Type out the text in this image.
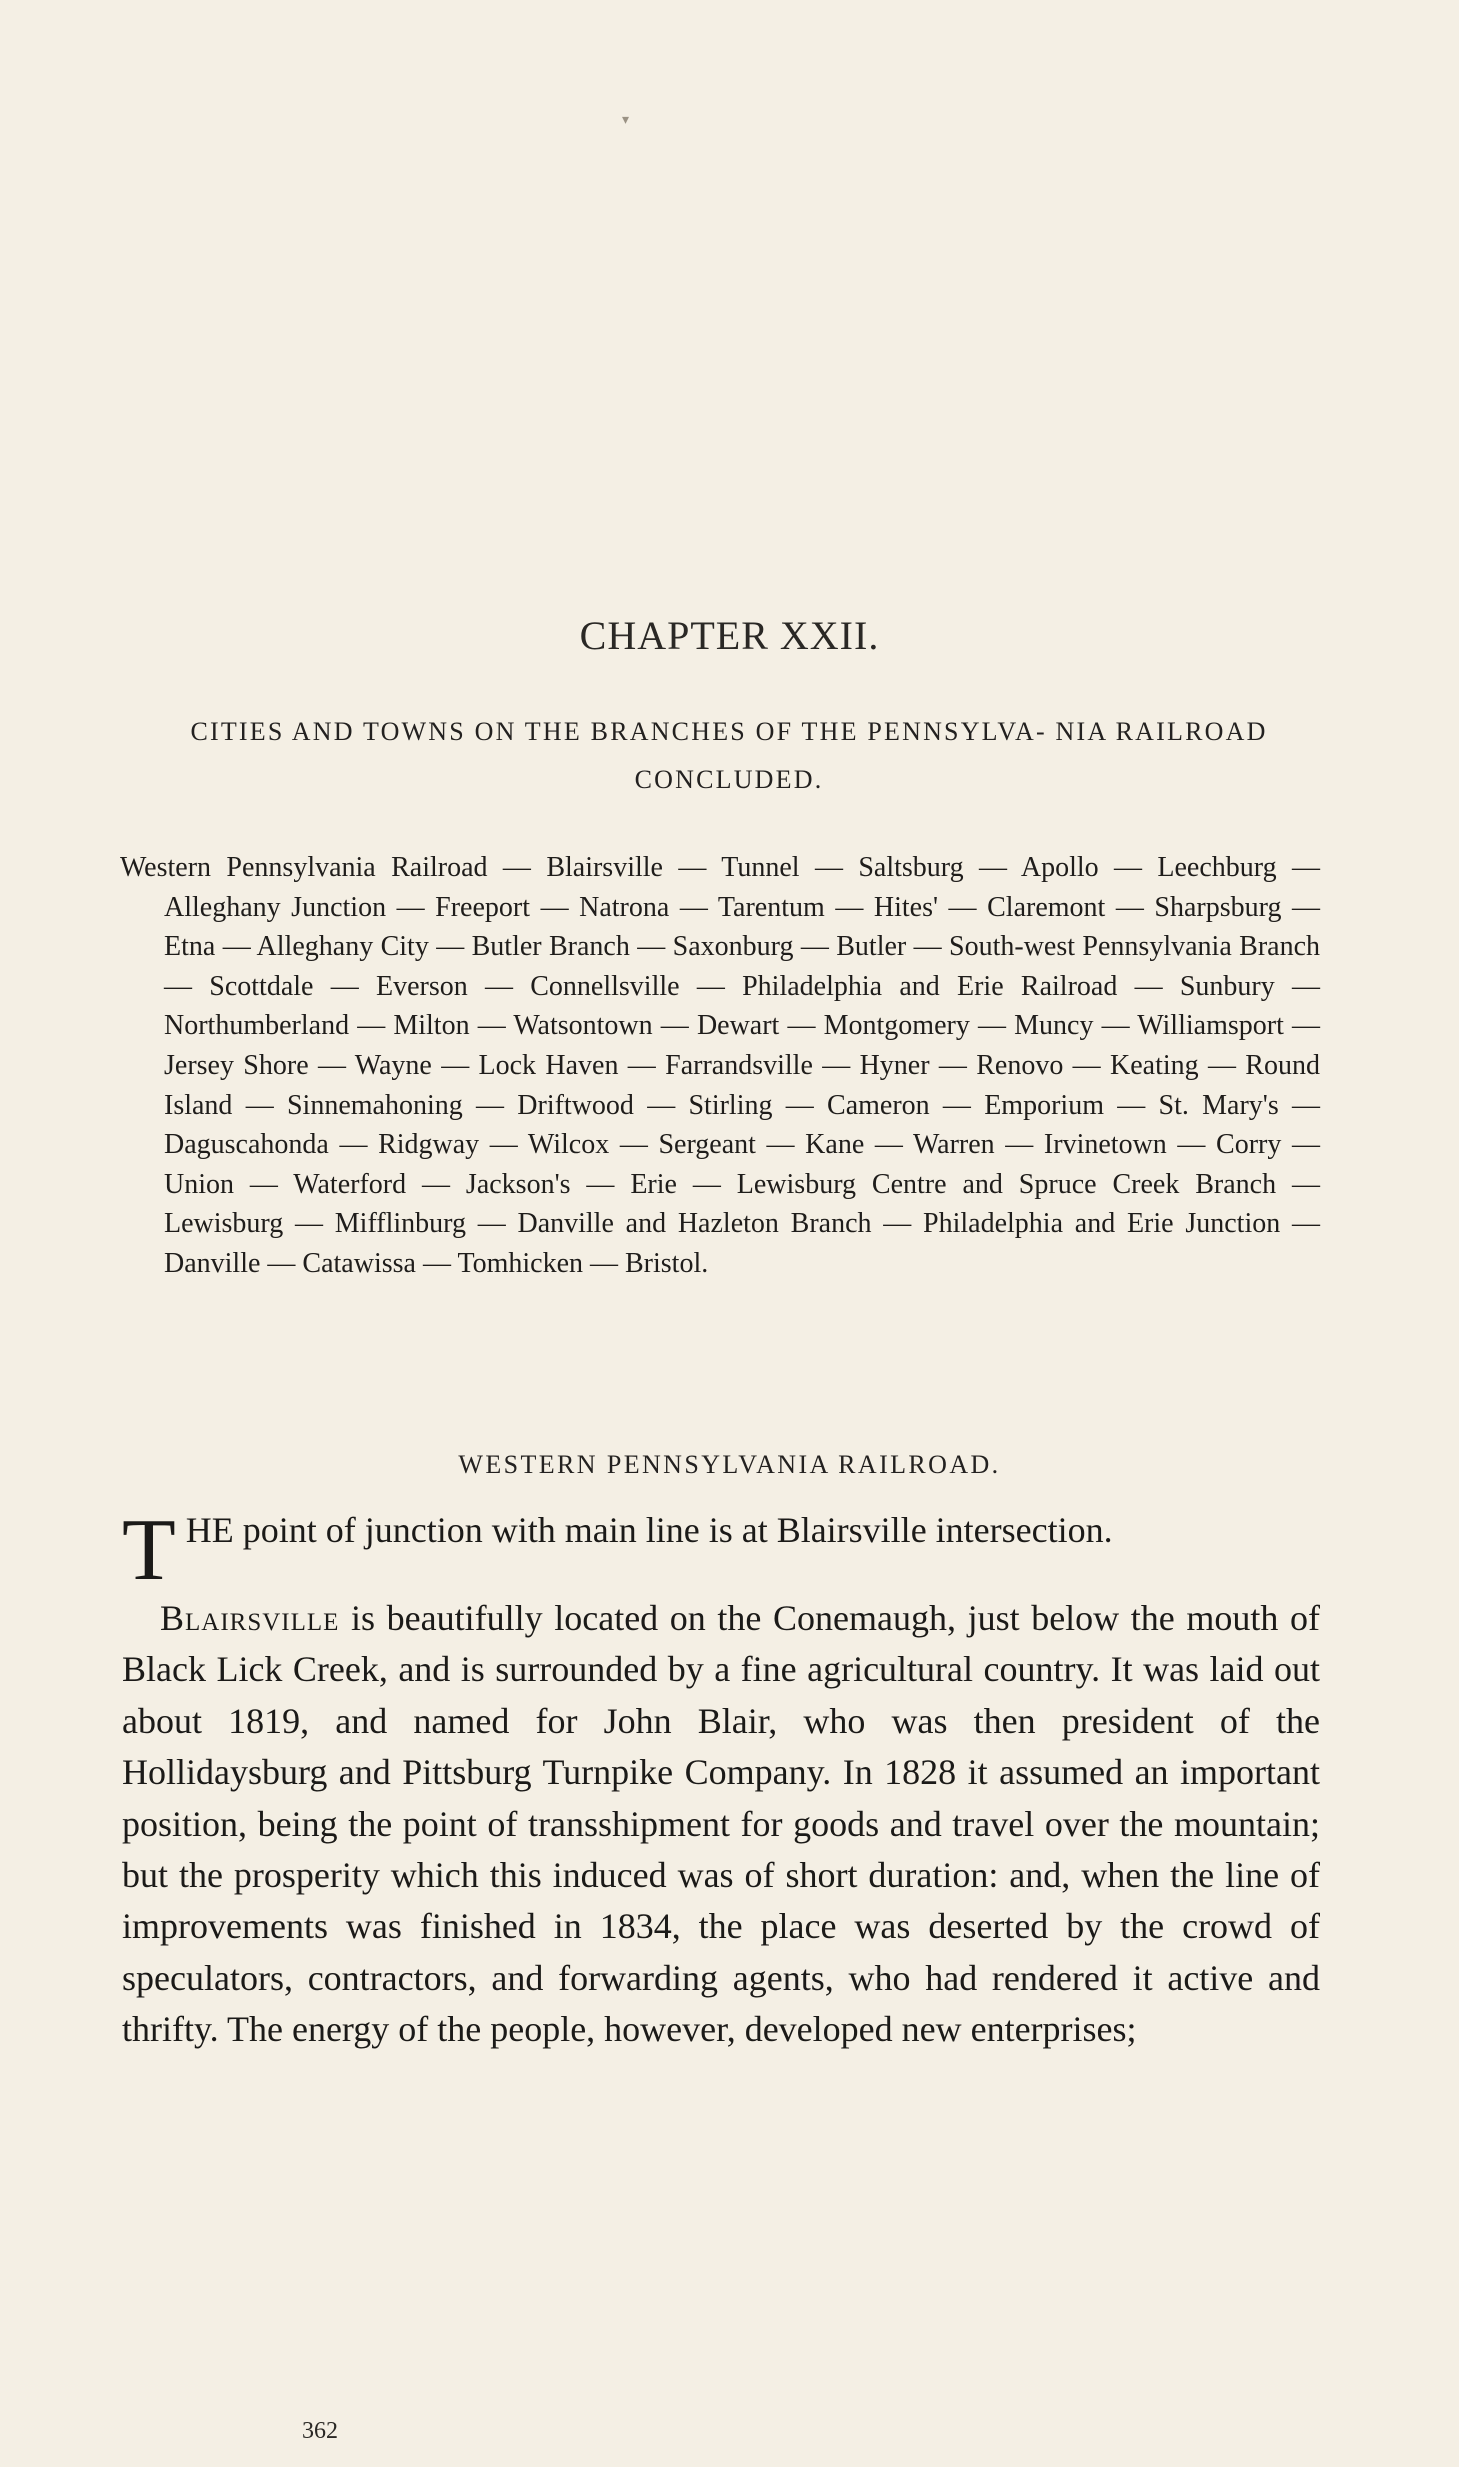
▾
CHAPTER XXII.
CITIES AND TOWNS ON THE BRANCHES OF THE PENNSYLVA- NIA RAILROAD CONCLUDED.
Western Pennsylvania Railroad — Blairsville — Tunnel — Saltsburg — Apollo — Leechburg — Alleghany Junction — Freeport — Natrona — Tarentum — Hites' — Claremont — Sharpsburg — Etna — Alleghany City — Butler Branch — Saxonburg — Butler — South-west Pennsylvania Branch — Scottdale — Everson — Connellsville — Philadelphia and Erie Railroad — Sunbury — Northumberland — Milton — Watsontown — Dewart — Montgomery — Muncy — Williamsport — Jersey Shore — Wayne — Lock Haven — Farrandsville — Hyner — Renovo — Keating — Round Island — Sinnemahoning — Driftwood — Stirling — Cameron — Emporium — St. Mary's — Daguscahonda — Ridgway — Wilcox — Sergeant — Kane — Warren — Irvinetown — Corry — Union — Waterford — Jackson's — Erie — Lewisburg Centre and Spruce Creek Branch — Lewisburg — Mifflinburg — Danville and Hazleton Branch — Philadelphia and Erie Junction — Danville — Catawissa — Tomhicken — Bristol.
WESTERN PENNSYLVANIA RAILROAD.

THE point of junction with main line is at Blairsville intersection.

Blairsville is beautifully located on the Conemaugh, just below the mouth of Black Lick Creek, and is surrounded by a fine agricultural country. It was laid out about 1819, and named for John Blair, who was then president of the Hollidaysburg and Pittsburg Turnpike Company. In 1828 it assumed an important position, being the point of transshipment for goods and travel over the mountain; but the prosperity which this induced was of short duration: and, when the line of improvements was finished in 1834, the place was deserted by the crowd of speculators, contractors, and forwarding agents, who had rendered it active and thrifty. The energy of the people, however, developed new enterprises;

362
